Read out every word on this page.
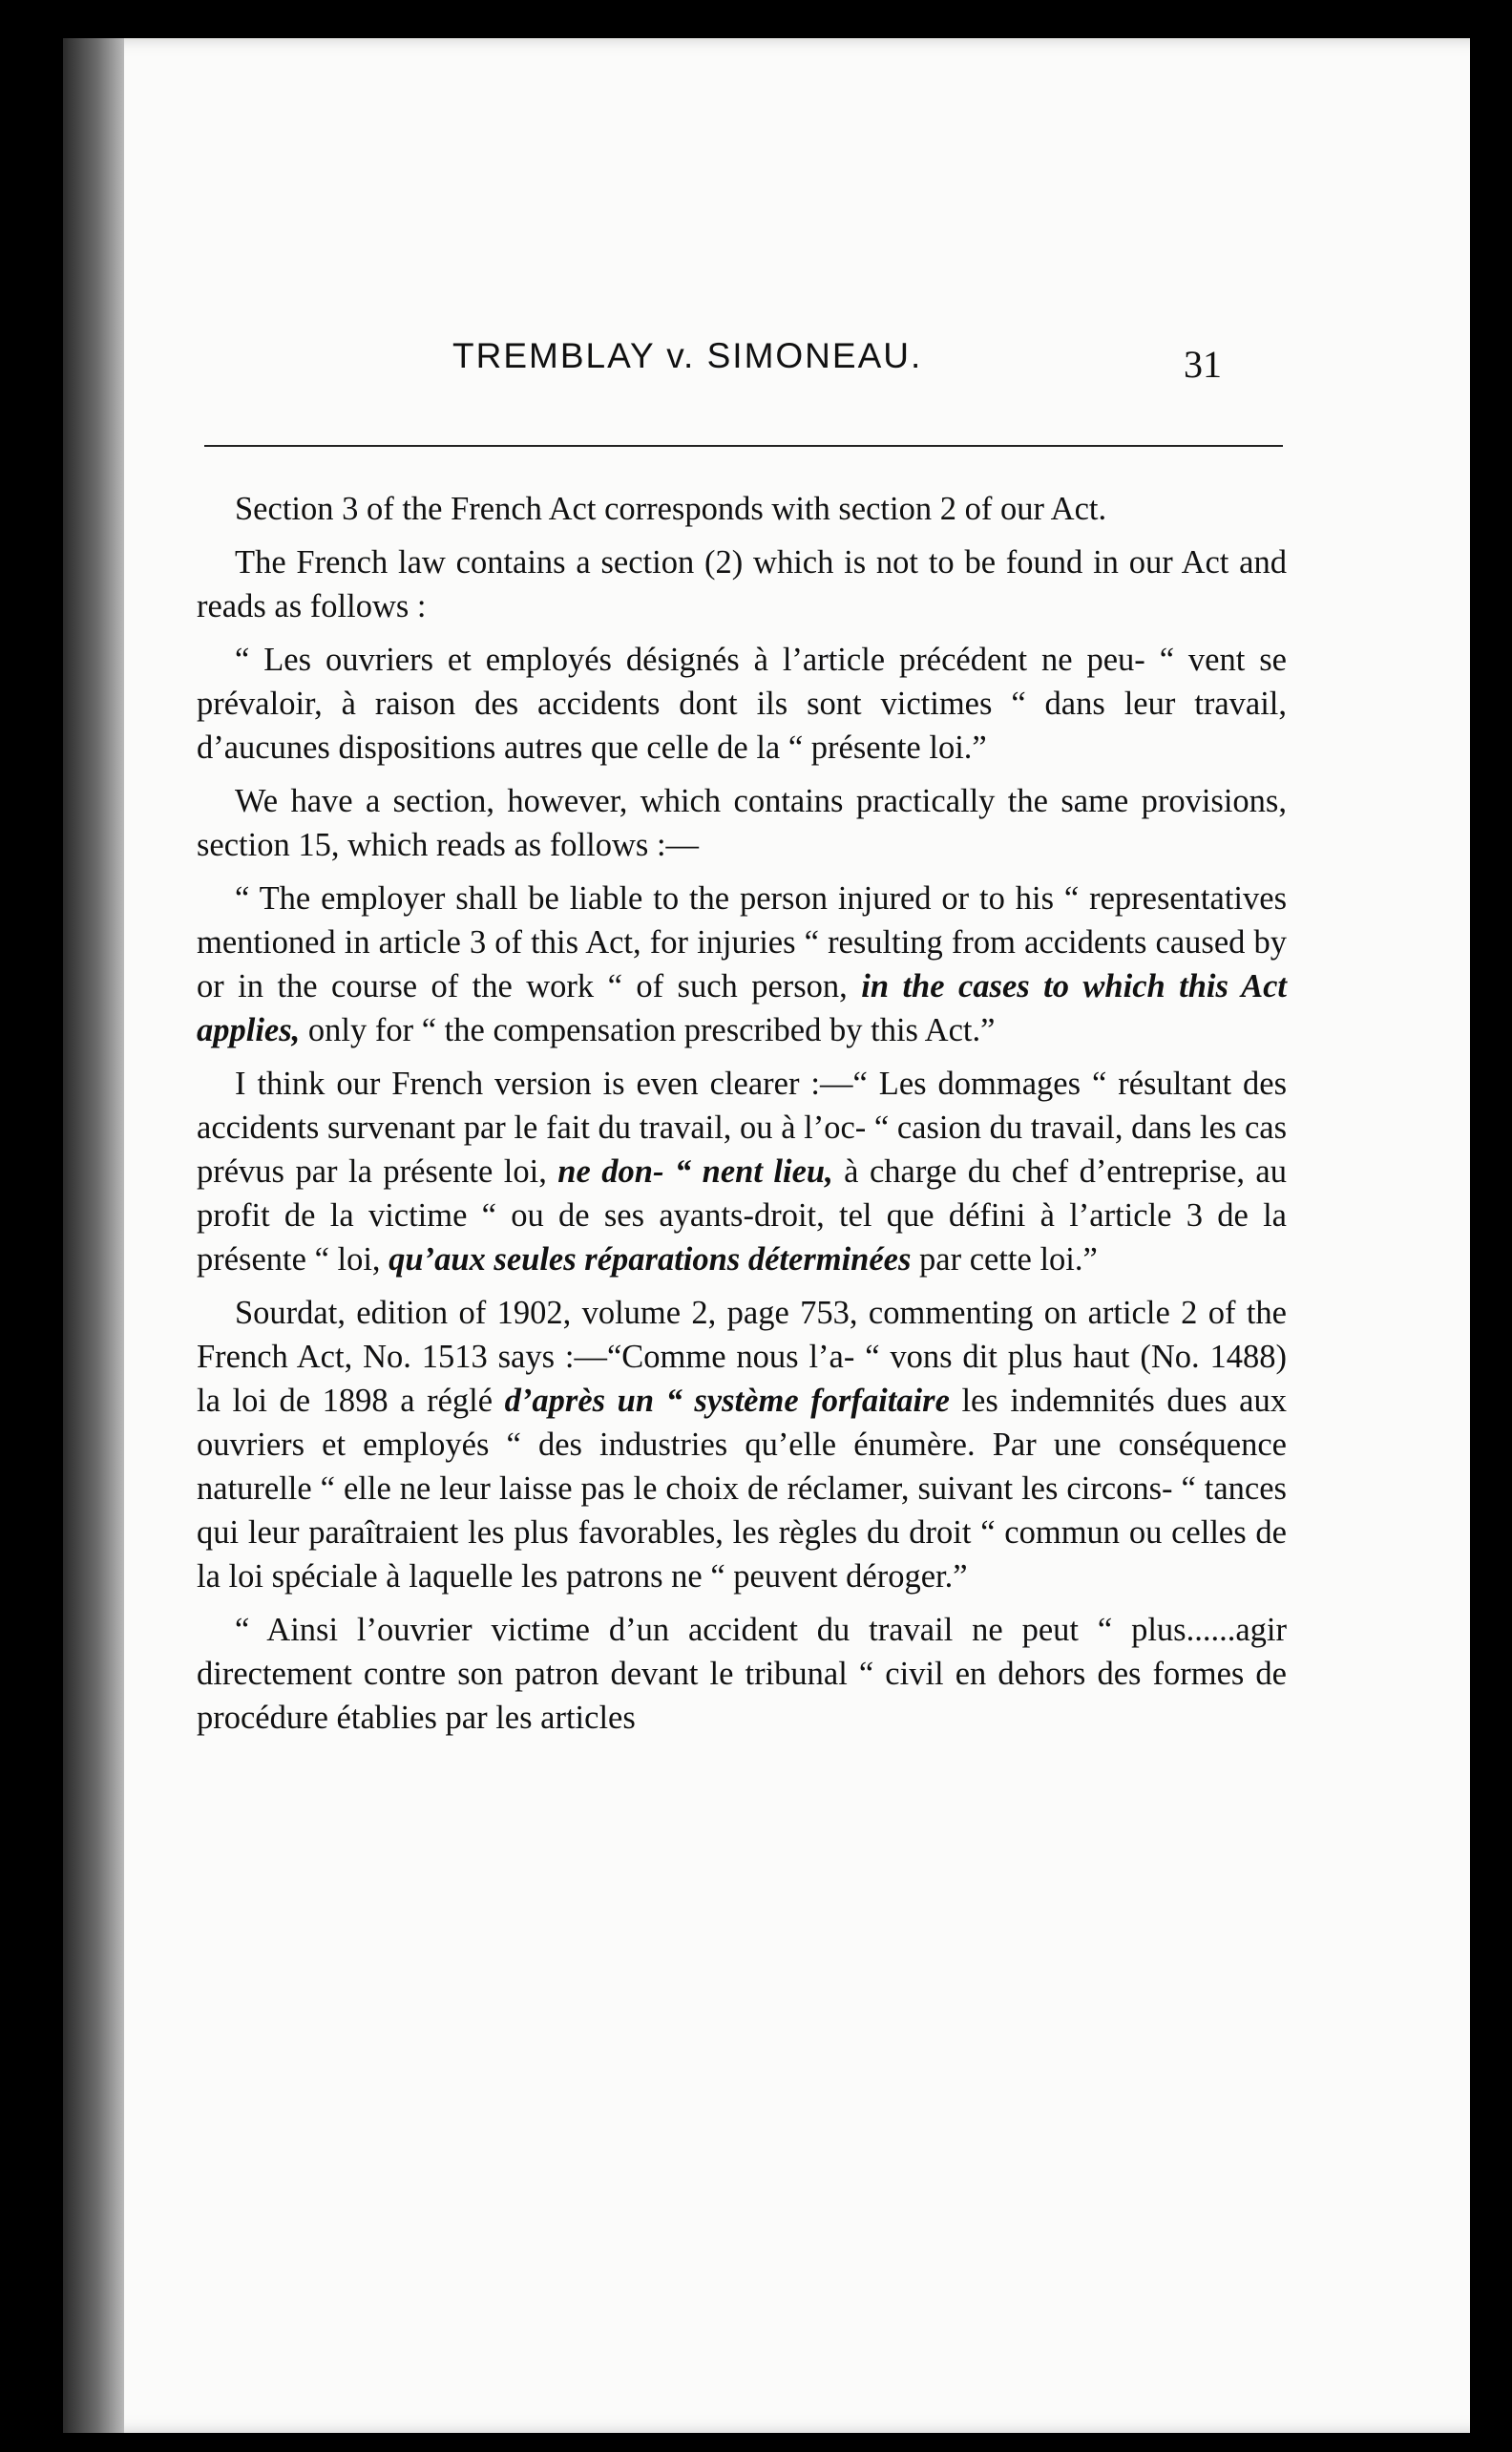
TREMBLAY v. SIMONEAU.	31

Section 3 of the French Act corresponds with section 2 of our Act.

The French law contains a section (2) which is not to be found in our Act and reads as follows :

“ Les ouvriers et employés désignés à l’article précédent ne peu- “ vent se prévaloir, à raison des accidents dont ils sont victimes “ dans leur travail, d’aucunes dispositions autres que celle de la “ présente loi.”

We have a section, however, which contains practically the same provisions, section 15, which reads as follows :—

“ The employer shall be liable to the person injured or to his “ representatives mentioned in article 3 of this Act, for injuries “ resulting from accidents caused by or in the course of the work “ of such person, in the cases to which this Act applies, only for “ the compensation prescribed by this Act.”

I think our French version is even clearer :—“ Les dommages “ résultant des accidents survenant par le fait du travail, ou à l’oc- “ casion du travail, dans les cas prévus par la présente loi, ne don- “ nent lieu, à charge du chef d’entreprise, au profit de la victime “ ou de ses ayants-droit, tel que défini à l’article 3 de la présente “ loi, qu’aux seules réparations déterminées par cette loi.”

Sourdat, edition of 1902, volume 2, page 753, commenting on article 2 of the French Act, No. 1513 says :—“Comme nous l’a- “ vons dit plus haut (No. 1488) la loi de 1898 a réglé d’après un “ système forfaitaire les indemnités dues aux ouvriers et employés “ des industries qu’elle énumère. Par une conséquence naturelle “ elle ne leur laisse pas le choix de réclamer, suivant les circons- “ tances qui leur paraîtraient les plus favorables, les règles du droit “ commun ou celles de la loi spéciale à laquelle les patrons ne “ peuvent déroger.”

“ Ainsi l’ouvrier victime d’un accident du travail ne peut “ plus......agir directement contre son patron devant le tribunal “ civil en dehors des formes de procédure établies par les articles
